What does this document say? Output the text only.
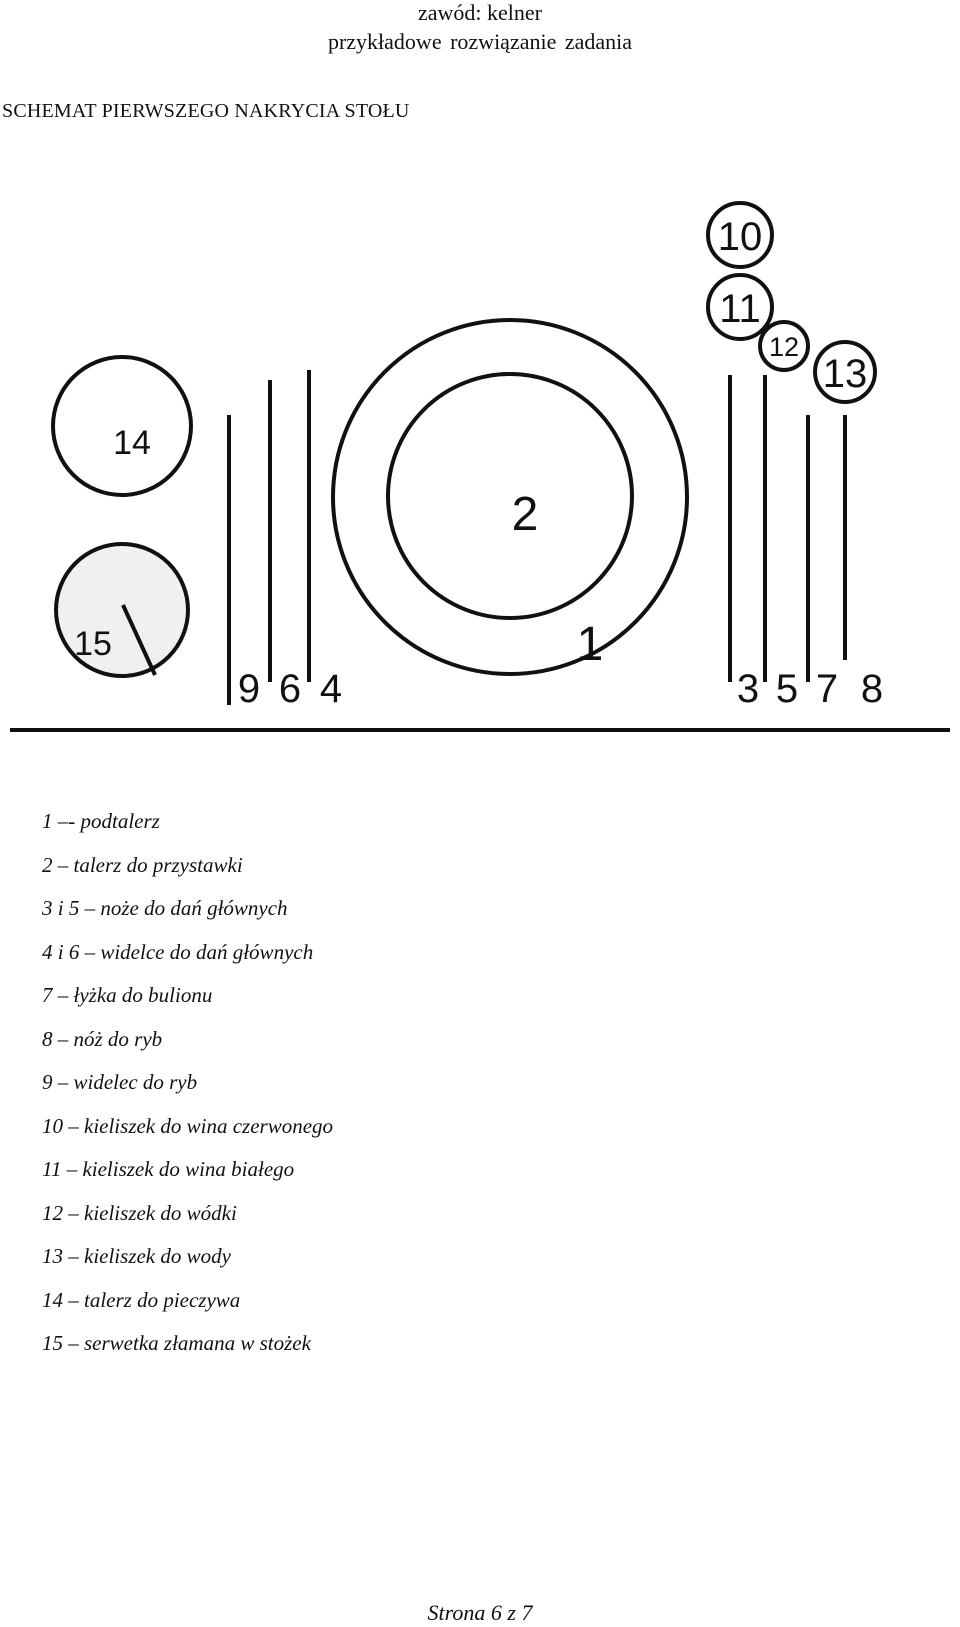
zawód: kelner
przykładowe rozwiązanie zadania
SCHEMAT PIERWSZEGO NAKRYCIA STOŁU
14
15
2
1
9 6 4	3 5 7 8
10
11
12
13
1 –- podtalerz
2 – talerz do przystawki
3 i 5 – noże do dań głównych
4 i 6 – widelce do dań głównych
7 – łyżka do bulionu
8 – nóż do ryb
9 – widelec do ryb
10 – kieliszek do wina czerwonego
11 – kieliszek do wina białego
12 – kieliszek do wódki
13 – kieliszek do wody
14 – talerz do pieczywa
15 – serwetka złamana w stożek
Strona 6 z 7
